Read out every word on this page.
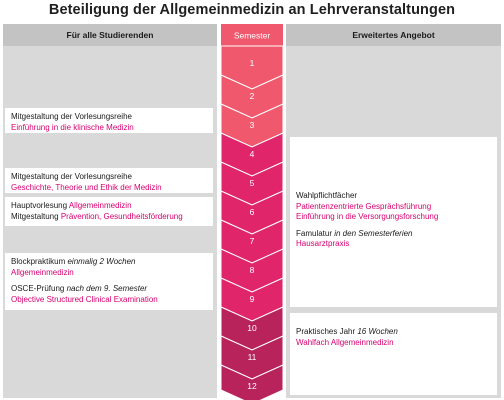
Beteiligung der Allgemeinmedizin an Lehrveranstaltungen
Für alle Studierenden	Erweitertes Angebot
Mitgestaltung der Vorlesungsreihe
Einführung in die klinische Medizin
Mitgestaltung der Vorlesungsreihe
Geschichte, Theorie und Ethik der Medizin
Hauptvorlesung Allgemeinmedizin
Mitgestaltung Prävention, Gesundheitsförderung
Blockpraktikum einmalig 2 Wochen
Allgemeinmedizin
OSCE-Prüfung nach dem 9. Semester
Objective Structured Clinical Examination
Wahlpflichtfächer
Patientenzentrierte Gesprächsführung
Einführung in die Versorgungsforschung
Famulatur in den Semesterferien
Hausarztpraxis
Praktisches Jahr 16 Wochen
Wahlfach Allgemeinmedizin
Semester
1
2
3
4
5
6
7
8
9
10
11
12
